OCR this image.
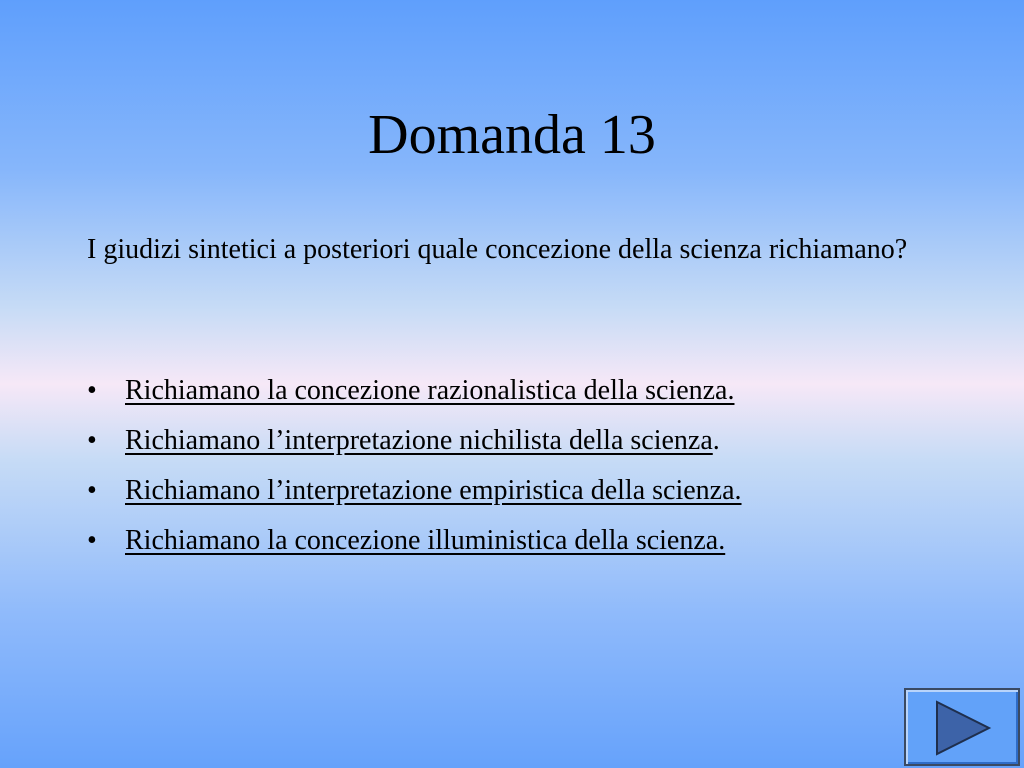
Domanda 13

I giudizi sintetici a posteriori quale concezione della scienza richiamano?

• Richiamano la concezione razionalistica della scienza.
• Richiamano l’interpretazione nichilista della scienza.
• Richiamano l’interpretazione empiristica della scienza.
• Richiamano la concezione illuministica della scienza.
